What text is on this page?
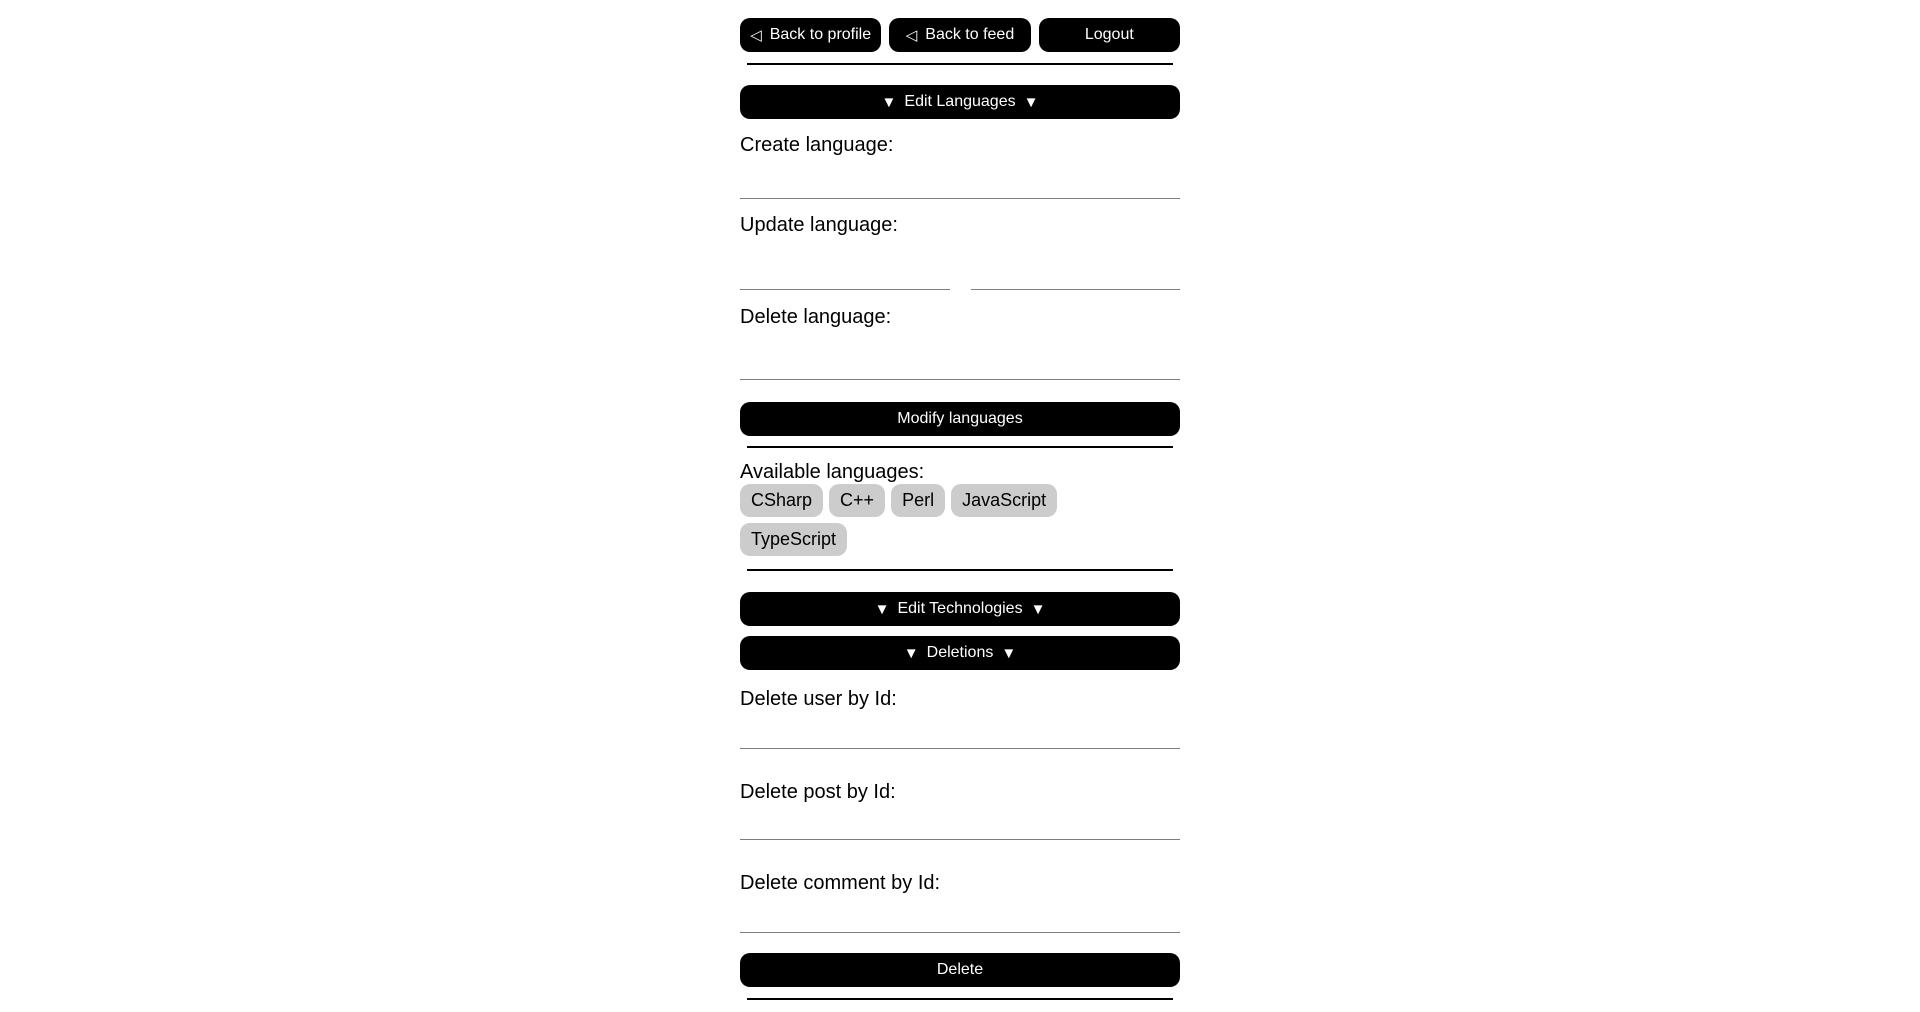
◁ Back to profile ◁ Back to feed	Logout
▼ Edit Languages ▼
Create language:
Update language:
Delete language:
Modify languages
Available languages:
CSharp	C++	Perl	JavaScript
TypeScript
▼ Edit Technologies ▼
▼ Deletions ▼
Delete user by Id:
Delete post by Id:
Delete comment by Id:
Delete
